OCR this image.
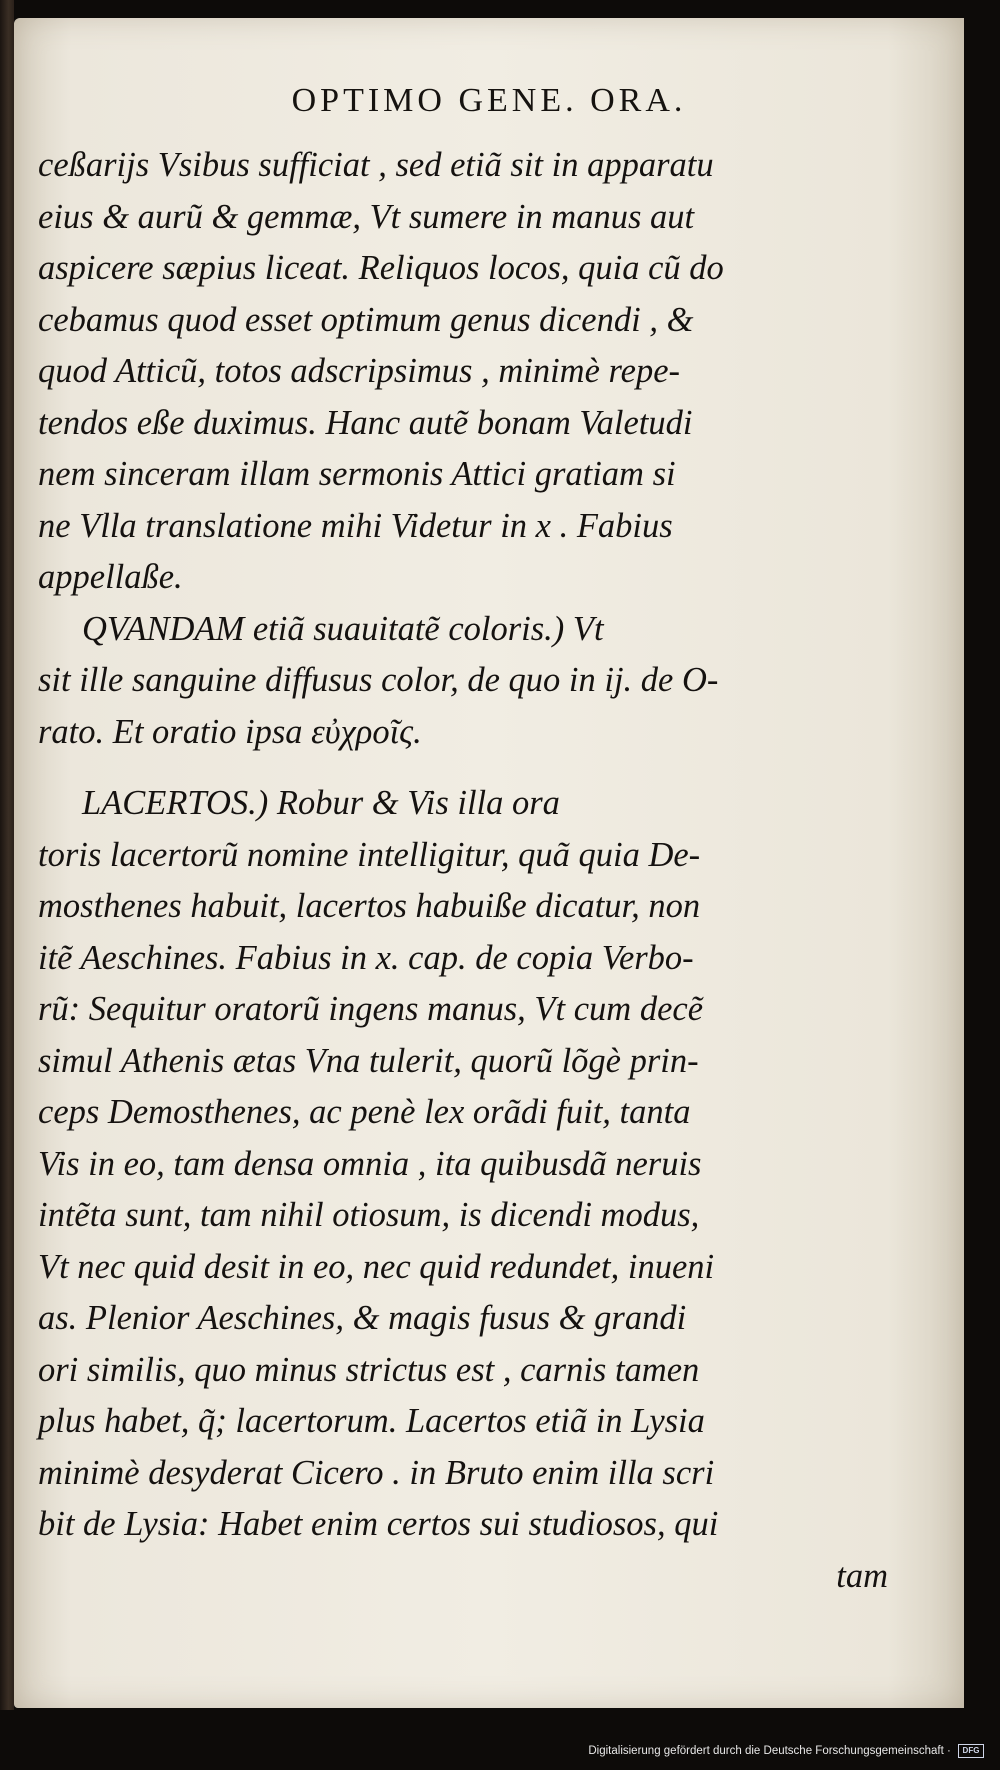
OPTIMO GENE. ORA.
ceßarijs Vsibus sufficiat , sed etiã sit in apparatu
eius & aurũ & gemmæ, Vt sumere in manus aut
aspicere sæpius liceat. Reliquos locos, quia cũ do
cebamus quod esset optimum genus dicendi , &
quod Atticũ, totos adscripsimus , minimè repe-
tendos eße duximus. Hanc autẽ bonam Valetudi
nem sinceram illam sermonis Attici gratiam si
ne Vlla translatione mihi Videtur in x . Fabius
appellaße.
QVANDAM etiã suauitatẽ coloris.) Vt
sit ille sanguine diffusus color, de quo in ij. de O-
rato. Et oratio ipsa εὐχροῖς.
LACERTOS.) Robur & Vis illa ora
toris lacertorũ nomine intelligitur, quã quia De-
mosthenes habuit, lacertos habuiße dicatur, non
itẽ Aeschines. Fabius in x. cap. de copia Verbo-
rũ: Sequitur oratorũ ingens manus, Vt cum decẽ
simul Athenis ætas Vna tulerit, quorũ lõgè prin-
ceps Demosthenes, ac penè lex orãdi fuit, tanta
Vis in eo, tam densa omnia , ita quibusdã neruis
intẽta sunt, tam nihil otiosum, is dicendi modus,
Vt nec quid desit in eo, nec quid redundet, inueni
as. Plenior Aeschines, & magis fusus & grandi
ori similis, quo minus strictus est , carnis tamen
plus habet, q̃; lacertorum. Lacertos etiã in Lysia
minimè desyderat Cicero . in Bruto enim illa scri
bit de Lysia: Habet enim certos sui studiosos, qui
tam
Digitalisierung gefördert durch die Deutsche Forschungsgemeinschaft · DFG
